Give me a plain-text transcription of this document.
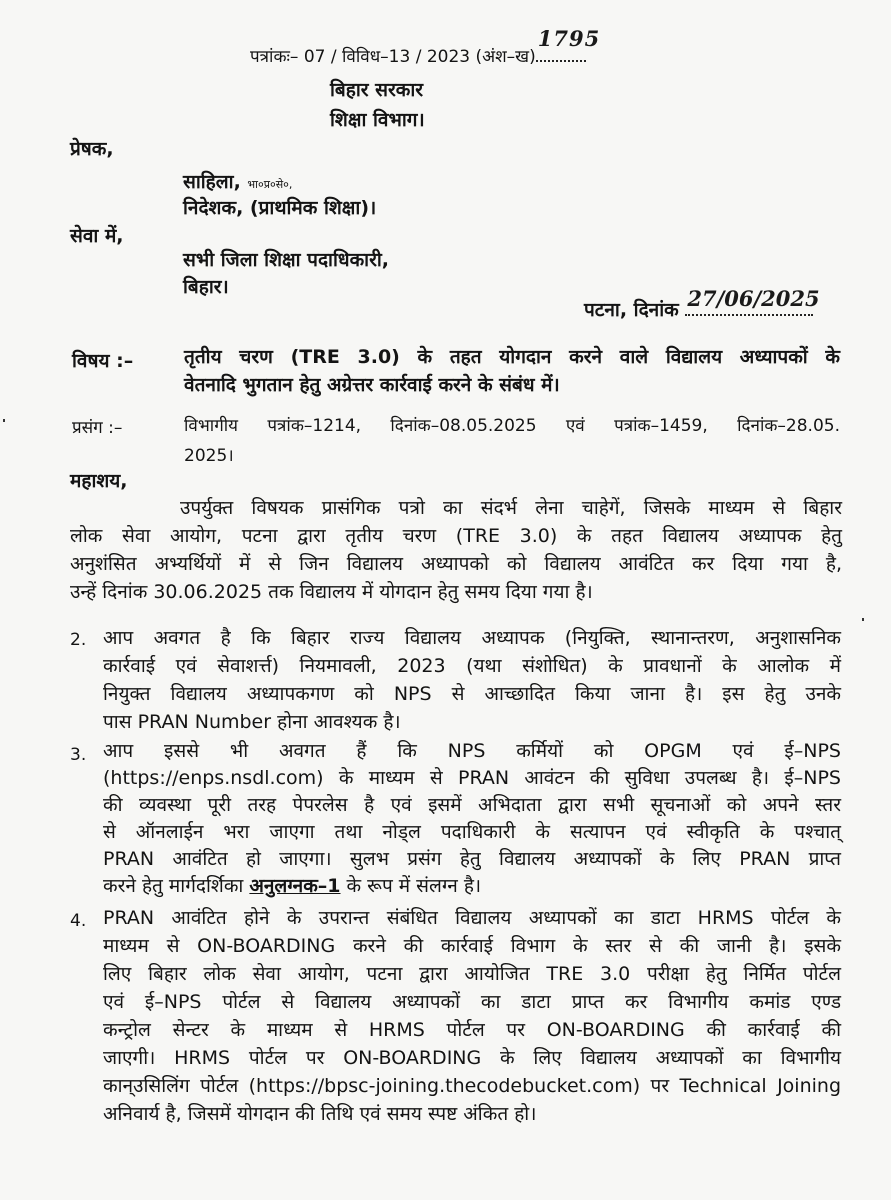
पत्रांकः– 07 / विविध–13 / 2023 (अंश–ख)
1795
बिहार सरकार
शिक्षा विभाग।
प्रेषक,
साहिला, भा०प्र०से०,
निदेशक, (प्राथमिक शिक्षा)।
सेवा में,
सभी जिला शिक्षा पदाधिकारी,
बिहार।
पटना, दिनांक 27/06/2025
विषय :–	तृतीय चरण (TRE 3.0) के तहत योगदान करने वाले विद्यालय अध्यापकों के
वेतनादि भुगतान हेतु अग्रेत्तर कार्रवाई करने के संबंध में।
प्रसंग :–	विभागीय पत्रांक–1214, दिनांक–08.05.2025 एवं पत्रांक–1459, दिनांक–28.05.
2025।
महाशय,
उपर्युक्त विषयक प्रासंगिक पत्रो का संदर्भ लेना चाहेगें, जिसके माध्यम से बिहार
लोक सेवा आयोग, पटना द्वारा तृतीय चरण (TRE 3.0) के तहत विद्यालय अध्यापक हेतु
अनुशंसित अभ्यर्थियों में से जिन विद्यालय अध्यापको को विद्यालय आवंटित कर दिया गया है,
उन्हें दिनांक 30.06.2025 तक विद्यालय में योगदान हेतु समय दिया गया है।
2. आप अवगत है कि बिहार राज्य विद्यालय अध्यापक (नियुक्ति, स्थानान्तरण, अनुशासनिक
कार्रवाई एवं सेवाशर्त्त) नियमावली, 2023 (यथा संशोधित) के प्रावधानों के आलोक में
नियुक्त विद्यालय अध्यापकगण को NPS से आच्छादित किया जाना है। इस हेतु उनके
पास PRAN Number होना आवश्यक है।
3. आप इससे भी अवगत हैं कि NPS कर्मियों को OPGM एवं ई–NPS
(https://enps.nsdl.com) के माध्यम से PRAN आवंटन की सुविधा उपलब्ध है। ई–NPS
की व्यवस्था पूरी तरह पेपरलेस है एवं इसमें अभिदाता द्वारा सभी सूचनाओं को अपने स्तर
से ऑनलाईन भरा जाएगा तथा नोड्ल पदाधिकारी के सत्यापन एवं स्वीकृति के पश्चात्
PRAN आवंटित हो जाएगा। सुलभ प्रसंग हेतु विद्यालय अध्यापकों के लिए PRAN प्राप्त
करने हेतु मार्गदर्शिका अनुलग्नक–1 के रूप में संलग्न है।
4. PRAN आवंटित होने के उपरान्त संबंधित विद्यालय अध्यापकों का डाटा HRMS पोर्टल के
माध्यम से ON-BOARDING करने की कार्रवाई विभाग के स्तर से की जानी है। इसके
लिए बिहार लोक सेवा आयोग, पटना द्वारा आयोजित TRE 3.0 परीक्षा हेतु निर्मित पोर्टल
एवं ई–NPS पोर्टल से विद्यालय अध्यापकों का डाटा प्राप्त कर विभागीय कमांड एण्ड
कन्ट्रोल सेन्टर के माध्यम से HRMS पोर्टल पर ON-BOARDING की कार्रवाई की
जाएगी। HRMS पोर्टल पर ON-BOARDING के लिए विद्यालय अध्यापकों का विभागीय
कान्उसिलिंग पोर्टल (https://bpsc-joining.thecodebucket.com) पर Technical Joining
अनिवार्य है, जिसमें योगदान की तिथि एवं समय स्पष्ट अंकित हो।
